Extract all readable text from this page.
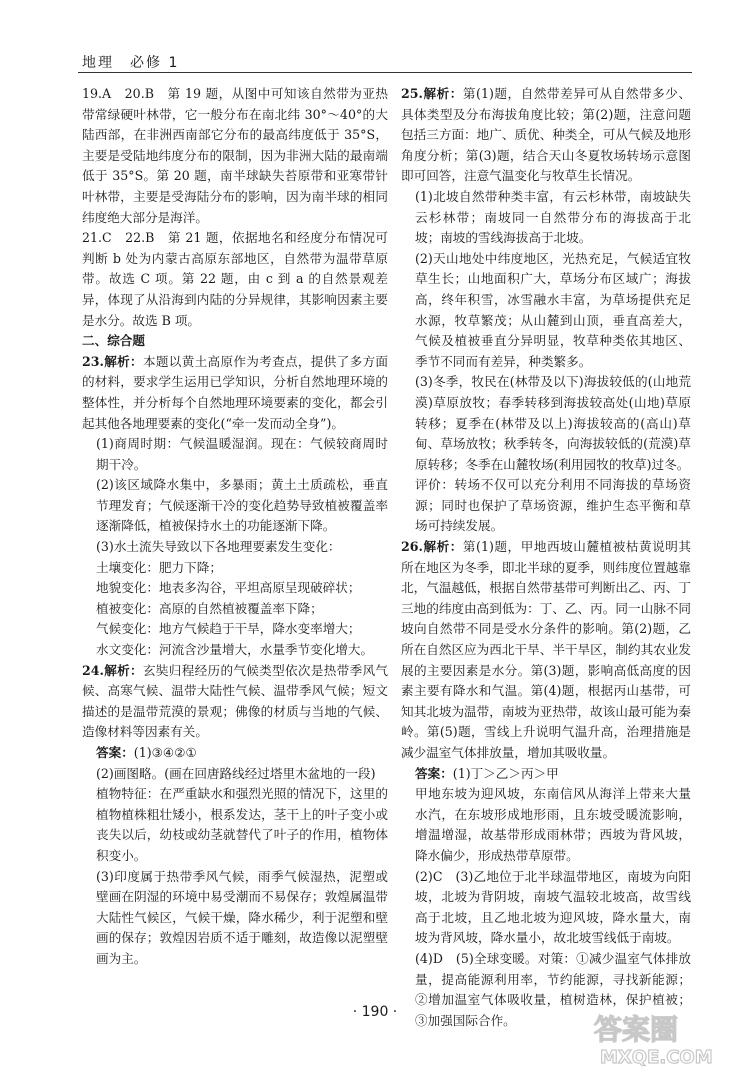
地理　必修 1

19.A　20.B　第 19 题，从图中可知该自然带为亚热带常绿硬叶林带，它一般分布在南北纬 30°～40°的大陆西部，在非洲西南部它分布的最高纬度低于 35°S，主要是受陆地纬度分布的限制，因为非洲大陆的最南端低于 35°S。第 20 题，南半球缺失苔原带和亚寒带针叶林带，主要是受海陆分布的影响，因为南半球的相同纬度绝大部分是海洋。

21.C　22.B　第 21 题，依据地名和经度分布情况可判断 b 处为内蒙古高原东部地区，自然带为温带草原带。故选 C 项。第 22 题，由 c 到 a 的自然景观差异，体现了从沿海到内陆的分异规律，其影响因素主要是水分。故选 B 项。

二、综合题

23.解析：本题以黄土高原作为考查点，提供了多方面的材料，要求学生运用已学知识，分析自然地理环境的整体性，并分析每个自然地理环境要素的变化，都会引起其他各地理要素的变化(“牵一发而动全身”)。

(1)商周时期：气候温暖湿润。现在：气候较商周时期干冷。

(2)该区域降水集中，多暴雨；黄土土质疏松，垂直节理发育；气候逐渐干冷的变化趋势导致植被覆盖率逐渐降低，植被保持水土的功能逐渐下降。

(3)水土流失导致以下各地理要素发生变化：

土壤变化：肥力下降；

地貌变化：地表多沟谷，平坦高原呈现破碎状；

植被变化：高原的自然植被覆盖率下降；

气候变化：地方气候趋于干旱，降水变率增大；

水文变化：河流含沙量增大，水量季节变化增大。

24.解析：玄奘归程经历的气候类型依次是热带季风气候、高寒气候、温带大陆性气候、温带季风气候；短文描述的是温带荒漠的景观；佛像的材质与当地的气候、造像材料等因素有关。

答案：(1)③④②①

(2)画图略。(画在回唐路线经过塔里木盆地的一段)

植物特征：在严重缺水和强烈光照的情况下，这里的植物植株粗壮矮小，根系发达，茎干上的叶子变小或丧失以后，幼枝或幼茎就替代了叶子的作用，植物体积变小。

(3)印度属于热带季风气候，雨季气候湿热，泥塑或壁画在阴湿的环境中易受潮而不易保存；敦煌属温带大陆性气候区，气候干燥，降水稀少，利于泥塑和壁画的保存；敦煌因岩质不适于雕刻，故造像以泥塑壁画为主。

25.解析：第(1)题，自然带差异可从自然带多少、具体类型及分布海拔角度比较；第(2)题，注意问题包括三方面：地广、质优、种类全，可从气候及地形角度分析；第(3)题，结合天山冬夏牧场转场示意图即可回答，注意气温变化与牧草生长情况。

(1)北坡自然带种类丰富，有云杉林带，南坡缺失云杉林带；南坡同一自然带分布的海拔高于北坡；南坡的雪线海拔高于北坡。

(2)天山地处中纬度地区，光热充足，气候适宜牧草生长；山地面积广大，草场分布区域广；海拔高，终年积雪，冰雪融水丰富，为草场提供充足水源，牧草繁茂；从山麓到山顶，垂直高差大，气候及植被垂直分异明显，牧草种类依其地区、季节不同而有差异，种类繁多。

(3)冬季，牧民在(林带及以下)海拔较低的(山地荒漠)草原放牧；春季转移到海拔较高处(山地)草原转移；夏季在(林带及以上)海拔较高的(高山)草甸、草场放牧；秋季转冬，向海拔较低的(荒漠)草原转移；冬季在山麓牧场(利用园牧的牧草)过冬。

评价：转场不仅可以充分利用不同海拔的草场资源；同时也保护了草场资源，维护生态平衡和草场可持续发展。

26.解析：第(1)题，甲地西坡山麓植被枯黄说明其所在地区为冬季，即北半球的夏季，则纬度位置越靠北，气温越低，根据自然带基带可判断出乙、丙、丁三地的纬度由高到低为：丁、乙、丙。同一山脉不同坡向自然带不同是受水分条件的影响。第(2)题，乙所在自然区应为西北干旱、半干旱区，制约其农业发展的主要因素是水分。第(3)题，影响高低高度的因素主要有降水和气温。第(4)题，根据丙山基带，可知其北坡为温带，南坡为亚热带，故该山最可能为秦岭。第(5)题，雪线上升说明气温升高，治理措施是减少温室气体排放量，增加其吸收量。

答案：(1)丁＞乙＞丙＞甲

甲地东坡为迎风坡，东南信风从海洋上带来大量水汽，在东坡形成地形雨，且东坡受暖流影响，增温增湿，故基带形成雨林带；西坡为背风坡，降水偏少，形成热带草原带。

(2)C　(3)乙地位于北半球温带地区，南坡为向阳坡，北坡为背阴坡，南坡气温较北坡高，故雪线高于北坡，且乙地北坡为迎风坡，降水量大，南坡为背风坡，降水量小，故北坡雪线低于南坡。

(4)D　(5)全球变暖。对策：①减少温室气体排放量，提高能源利用率，节约能源，寻找新能源；②增加温室气体吸收量，植树造林，保护植被；③加强国际合作。

· 190 ·
答案圈
MXQE.COM
